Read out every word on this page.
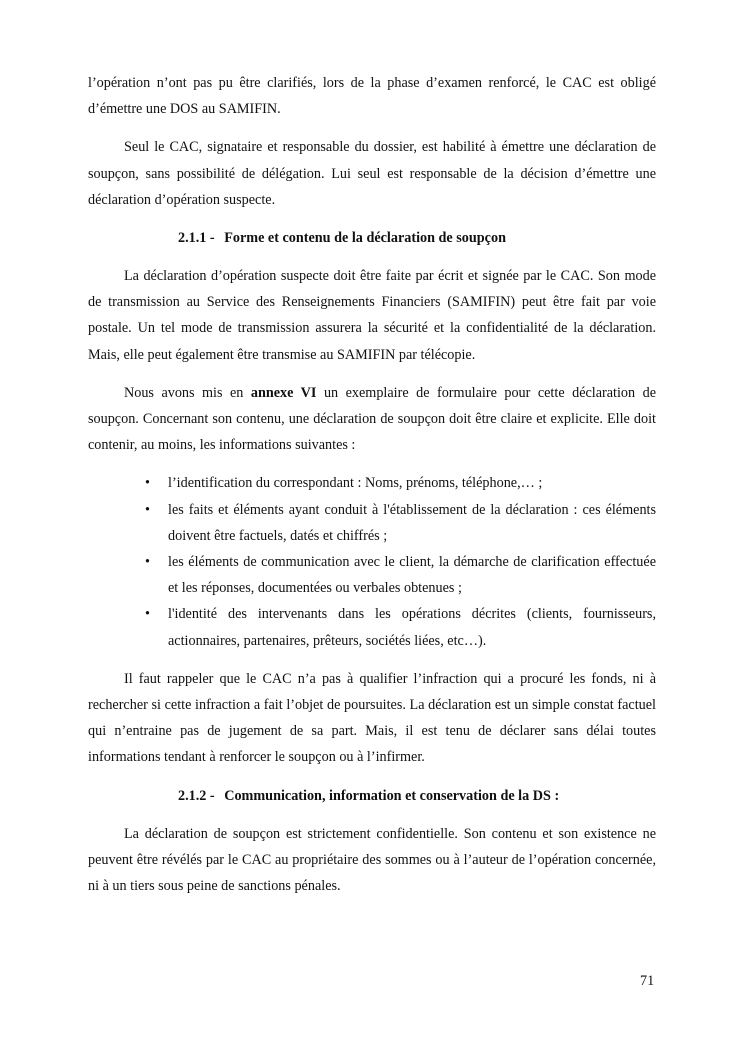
l’opération n’ont pas pu être clarifiés, lors de la phase d’examen renforcé, le CAC est obligé d’émettre une DOS au SAMIFIN.

Seul le CAC, signataire et responsable du dossier, est habilité à émettre une déclaration de soupçon, sans possibilité de délégation. Lui seul est responsable de la décision d’émettre une déclaration d’opération suspecte.

2.1.1 - Forme et contenu de la déclaration de soupçon

La déclaration d’opération suspecte doit être faite par écrit et signée par le CAC. Son mode de transmission au Service des Renseignements Financiers (SAMIFIN) peut être fait par voie postale. Un tel mode de transmission assurera la sécurité et la confidentialité de la déclaration. Mais, elle peut également être transmise au SAMIFIN par télécopie.

Nous avons mis en annexe VI un exemplaire de formulaire pour cette déclaration de soupçon. Concernant son contenu, une déclaration de soupçon doit être claire et explicite. Elle doit contenir, au moins, les informations suivantes :

• l’identification du correspondant : Noms, prénoms, téléphone,… ;
• les faits et éléments ayant conduit à l'établissement de la déclaration : ces éléments doivent être factuels, datés et chiffrés ;
• les éléments de communication avec le client, la démarche de clarification effectuée et les réponses, documentées ou verbales obtenues ;
• l'identité des intervenants dans les opérations décrites (clients, fournisseurs, actionnaires, partenaires, prêteurs, sociétés liées, etc…).

Il faut rappeler que le CAC n’a pas à qualifier l’infraction qui a procuré les fonds, ni à rechercher si cette infraction a fait l’objet de poursuites. La déclaration est un simple constat factuel qui n’entraine pas de jugement de sa part. Mais, il est tenu de déclarer sans délai toutes informations tendant à renforcer le soupçon ou à l’infirmer.

2.1.2 - Communication, information et conservation de la DS :

La déclaration de soupçon est strictement confidentielle. Son contenu et son existence ne peuvent être révélés par le CAC au propriétaire des sommes ou à l’auteur de l’opération concernée, ni à un tiers sous peine de sanctions pénales.

71
